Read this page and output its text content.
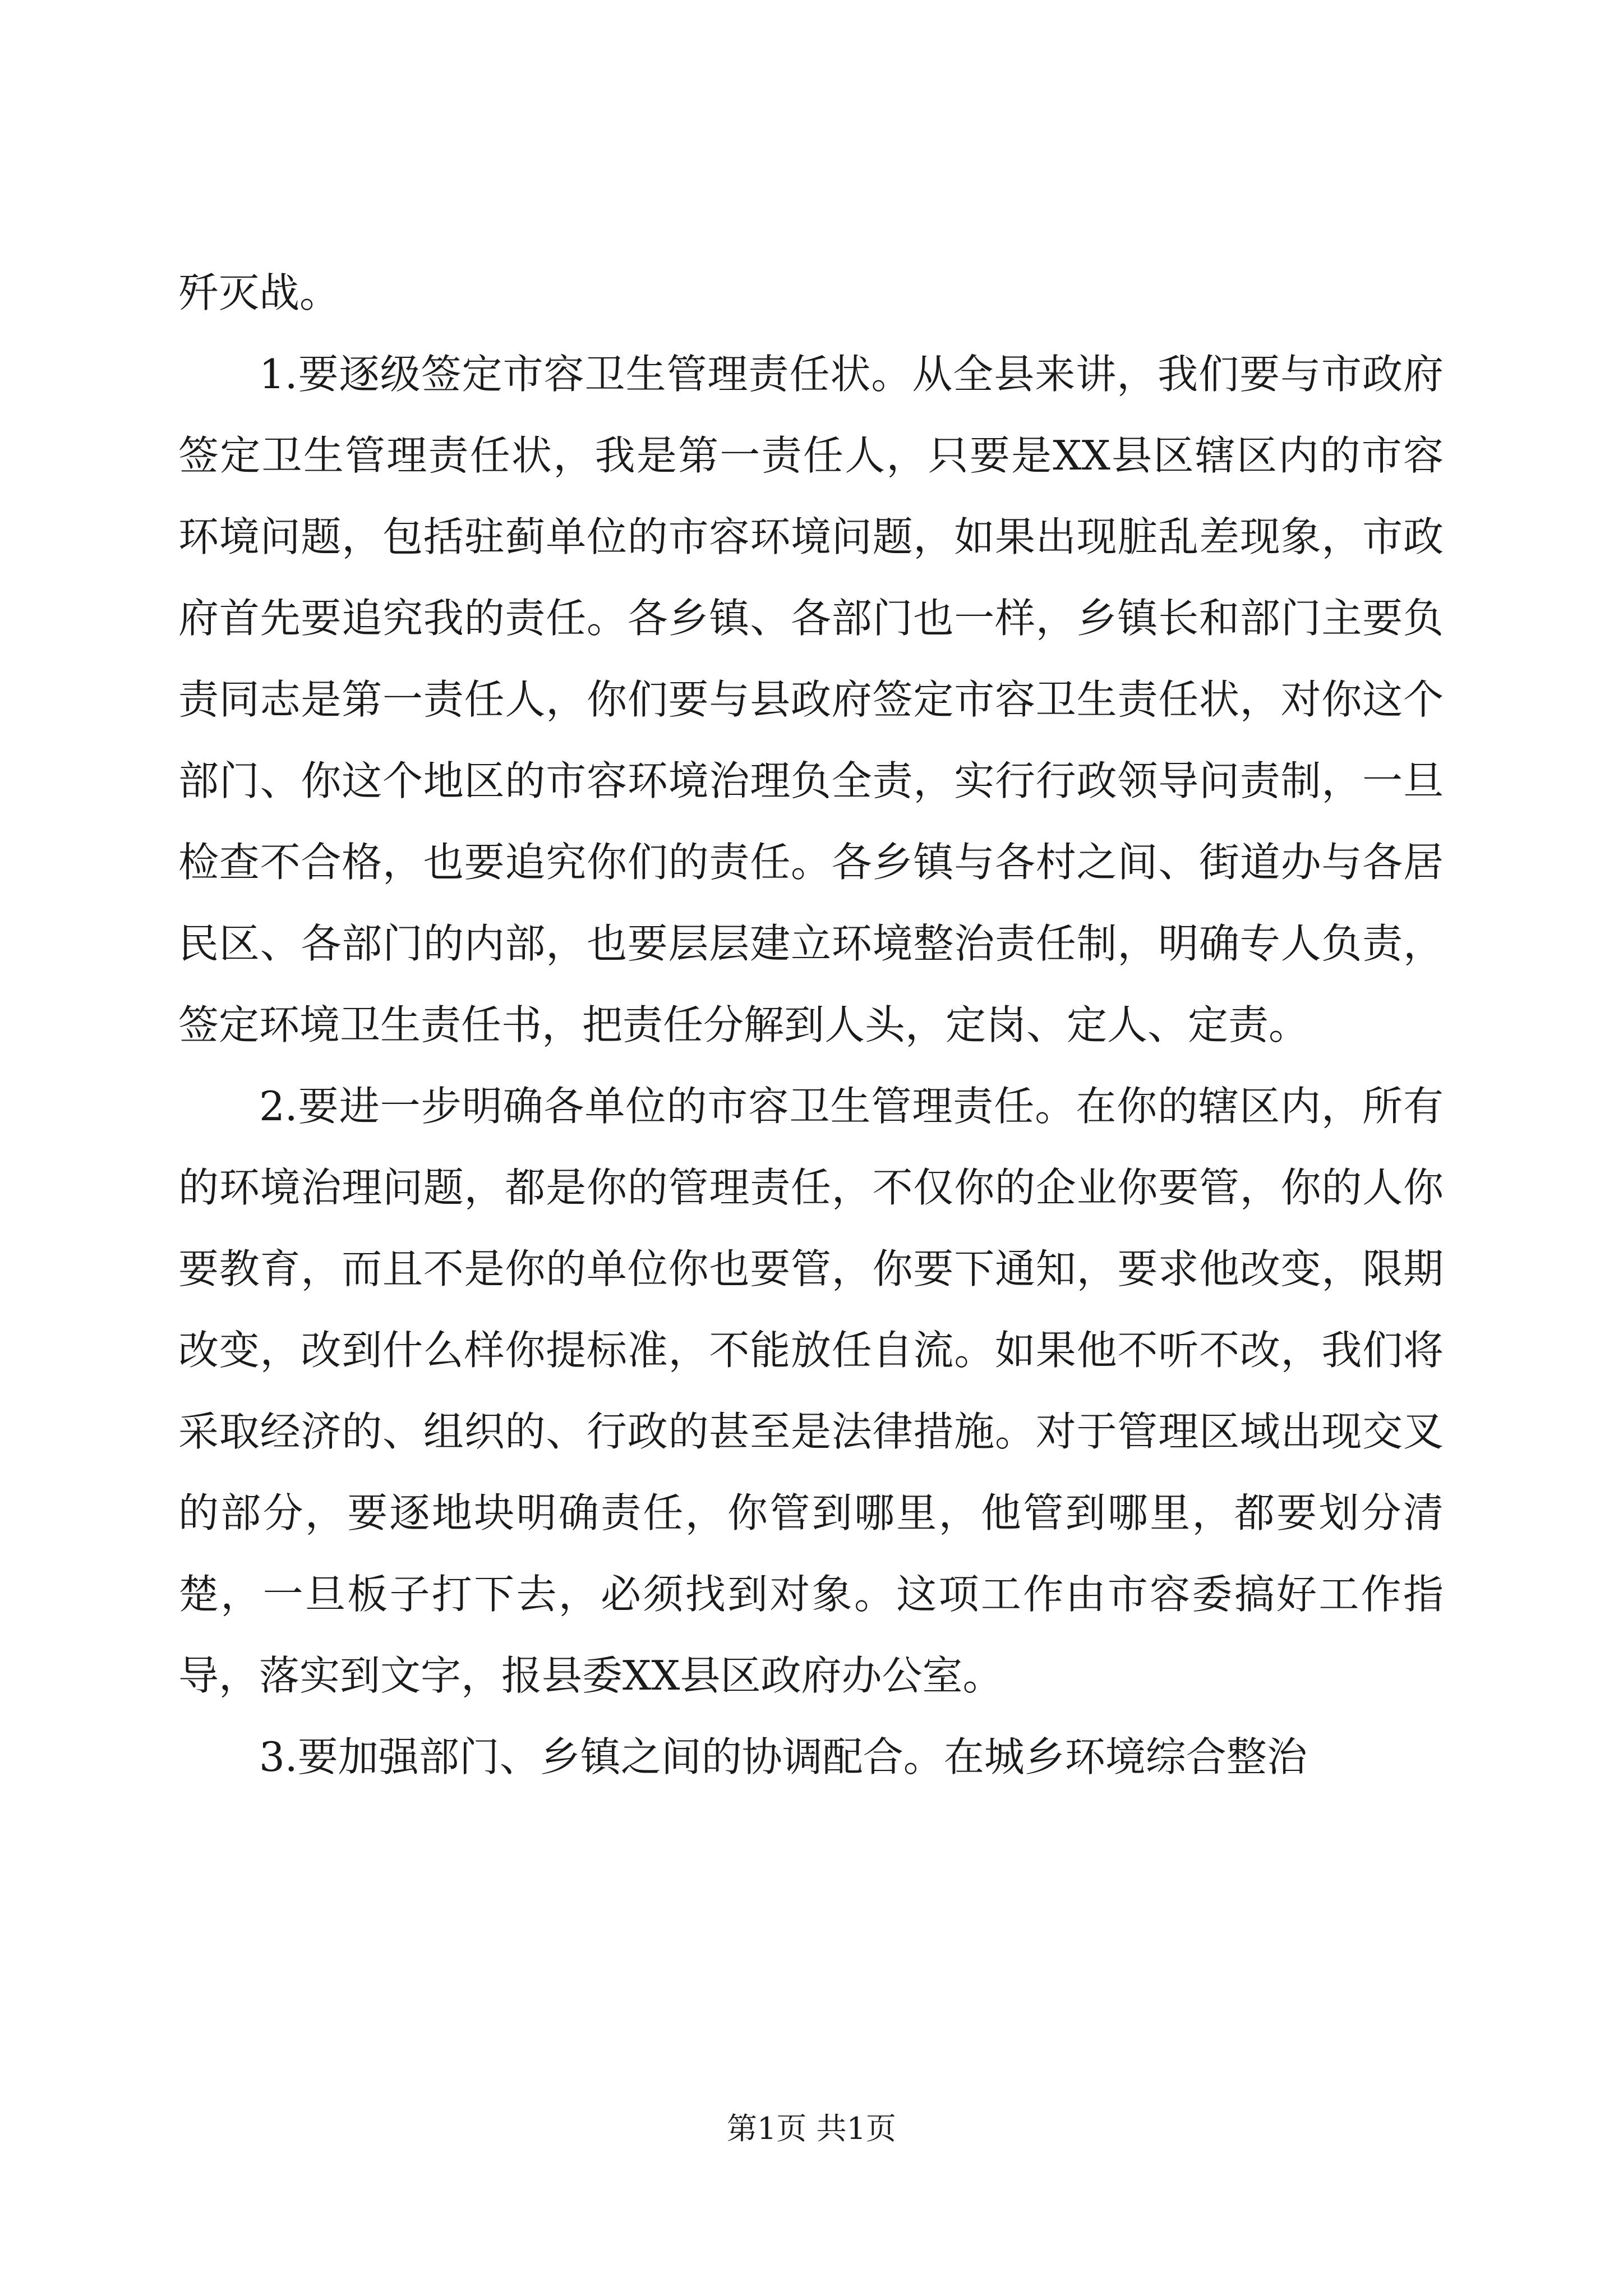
歼灭战。

1.要逐级签定市容卫生管理责任状。从全县来讲，我们要与市政府签定卫生管理责任状，我是第一责任人，只要是XX县区辖区内的市容环境问题，包括驻蓟单位的市容环境问题，如果出现脏乱差现象，市政府首先要追究我的责任。各乡镇、各部门也一样，乡镇长和部门主要负责同志是第一责任人，你们要与县政府签定市容卫生责任状，对你这个部门、你这个地区的市容环境治理负全责，实行行政领导问责制，一旦检查不合格，也要追究你们的责任。各乡镇与各村之间、街道办与各居民区、各部门的内部，也要层层建立环境整治责任制，明确专人负责，签定环境卫生责任书，把责任分解到人头，定岗、定人、定责。

2.要进一步明确各单位的市容卫生管理责任。在你的辖区内，所有的环境治理问题，都是你的管理责任，不仅你的企业你要管，你的人你要教育，而且不是你的单位你也要管，你要下通知，要求他改变，限期改变，改到什么样你提标准，不能放任自流。如果他不听不改，我们将采取经济的、组织的、行政的甚至是法律措施。对于管理区域出现交叉的部分，要逐地块明确责任，你管到哪里，他管到哪里，都要划分清楚，一旦板子打下去，必须找到对象。这项工作由市容委搞好工作指导，落实到文字，报县委XX县区政府办公室。

3.要加强部门、乡镇之间的协调配合。在城乡环境综合整治

第1页 共1页
